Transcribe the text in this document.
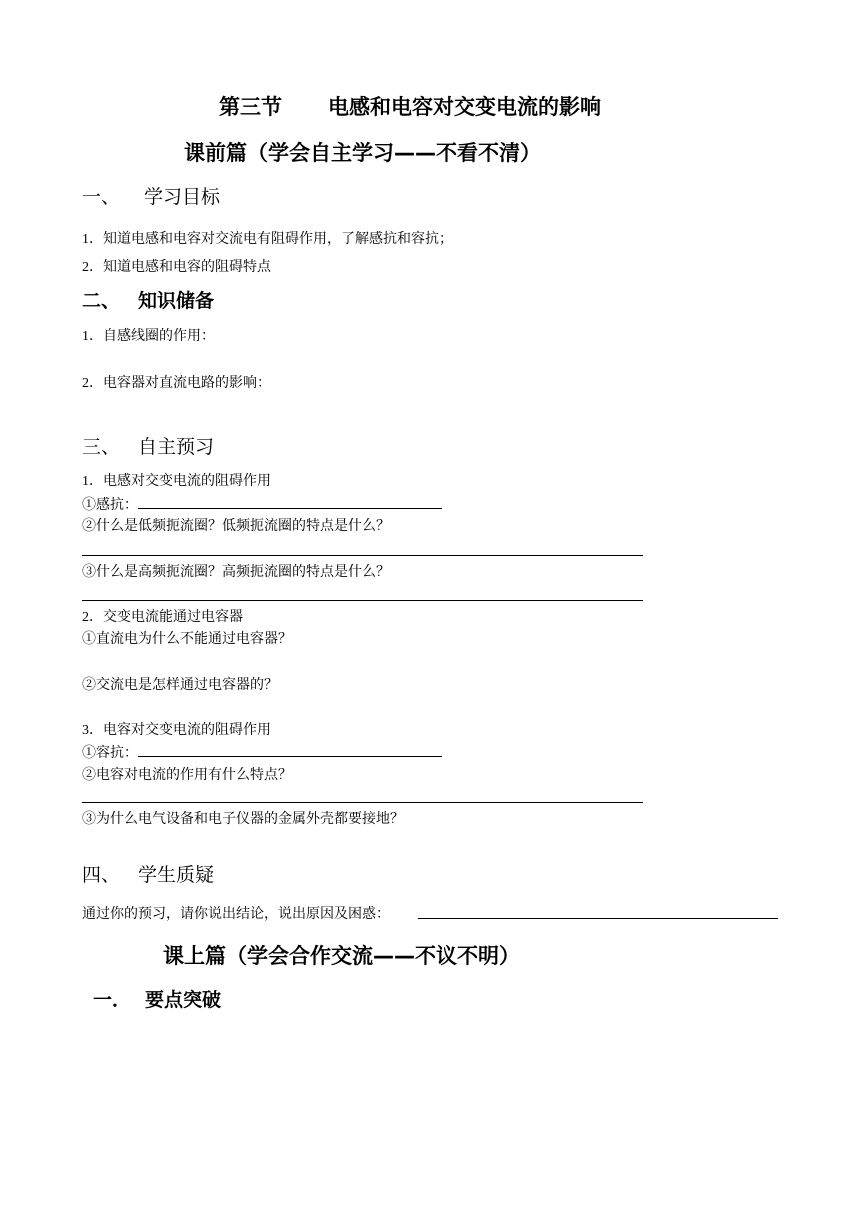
第三节 电感和电容对交变电流的影响
课前篇（学会自主学习——不看不清）
一、 学习目标
1．知道电感和电容对交流电有阻碍作用，了解感抗和容抗；
2．知道电感和电容的阻碍特点
二、 知识储备
1．自感线圈的作用：
2．电容器对直流电路的影响：
三、 自主预习
1．电感对交变电流的阻碍作用
①感抗：
②什么是低频扼流圈？低频扼流圈的特点是什么？
③什么是高频扼流圈？高频扼流圈的特点是什么？
2．交变电流能通过电容器
①直流电为什么不能通过电容器？
②交流电是怎样通过电容器的？
3．电容对交变电流的阻碍作用
①容抗：
②电容对电流的作用有什么特点？
③为什么电气设备和电子仪器的金属外壳都要接地？
四、 学生质疑
通过你的预习，请你说出结论，说出原因及困惑：
课上篇（学会合作交流——不议不明）
一． 要点突破
